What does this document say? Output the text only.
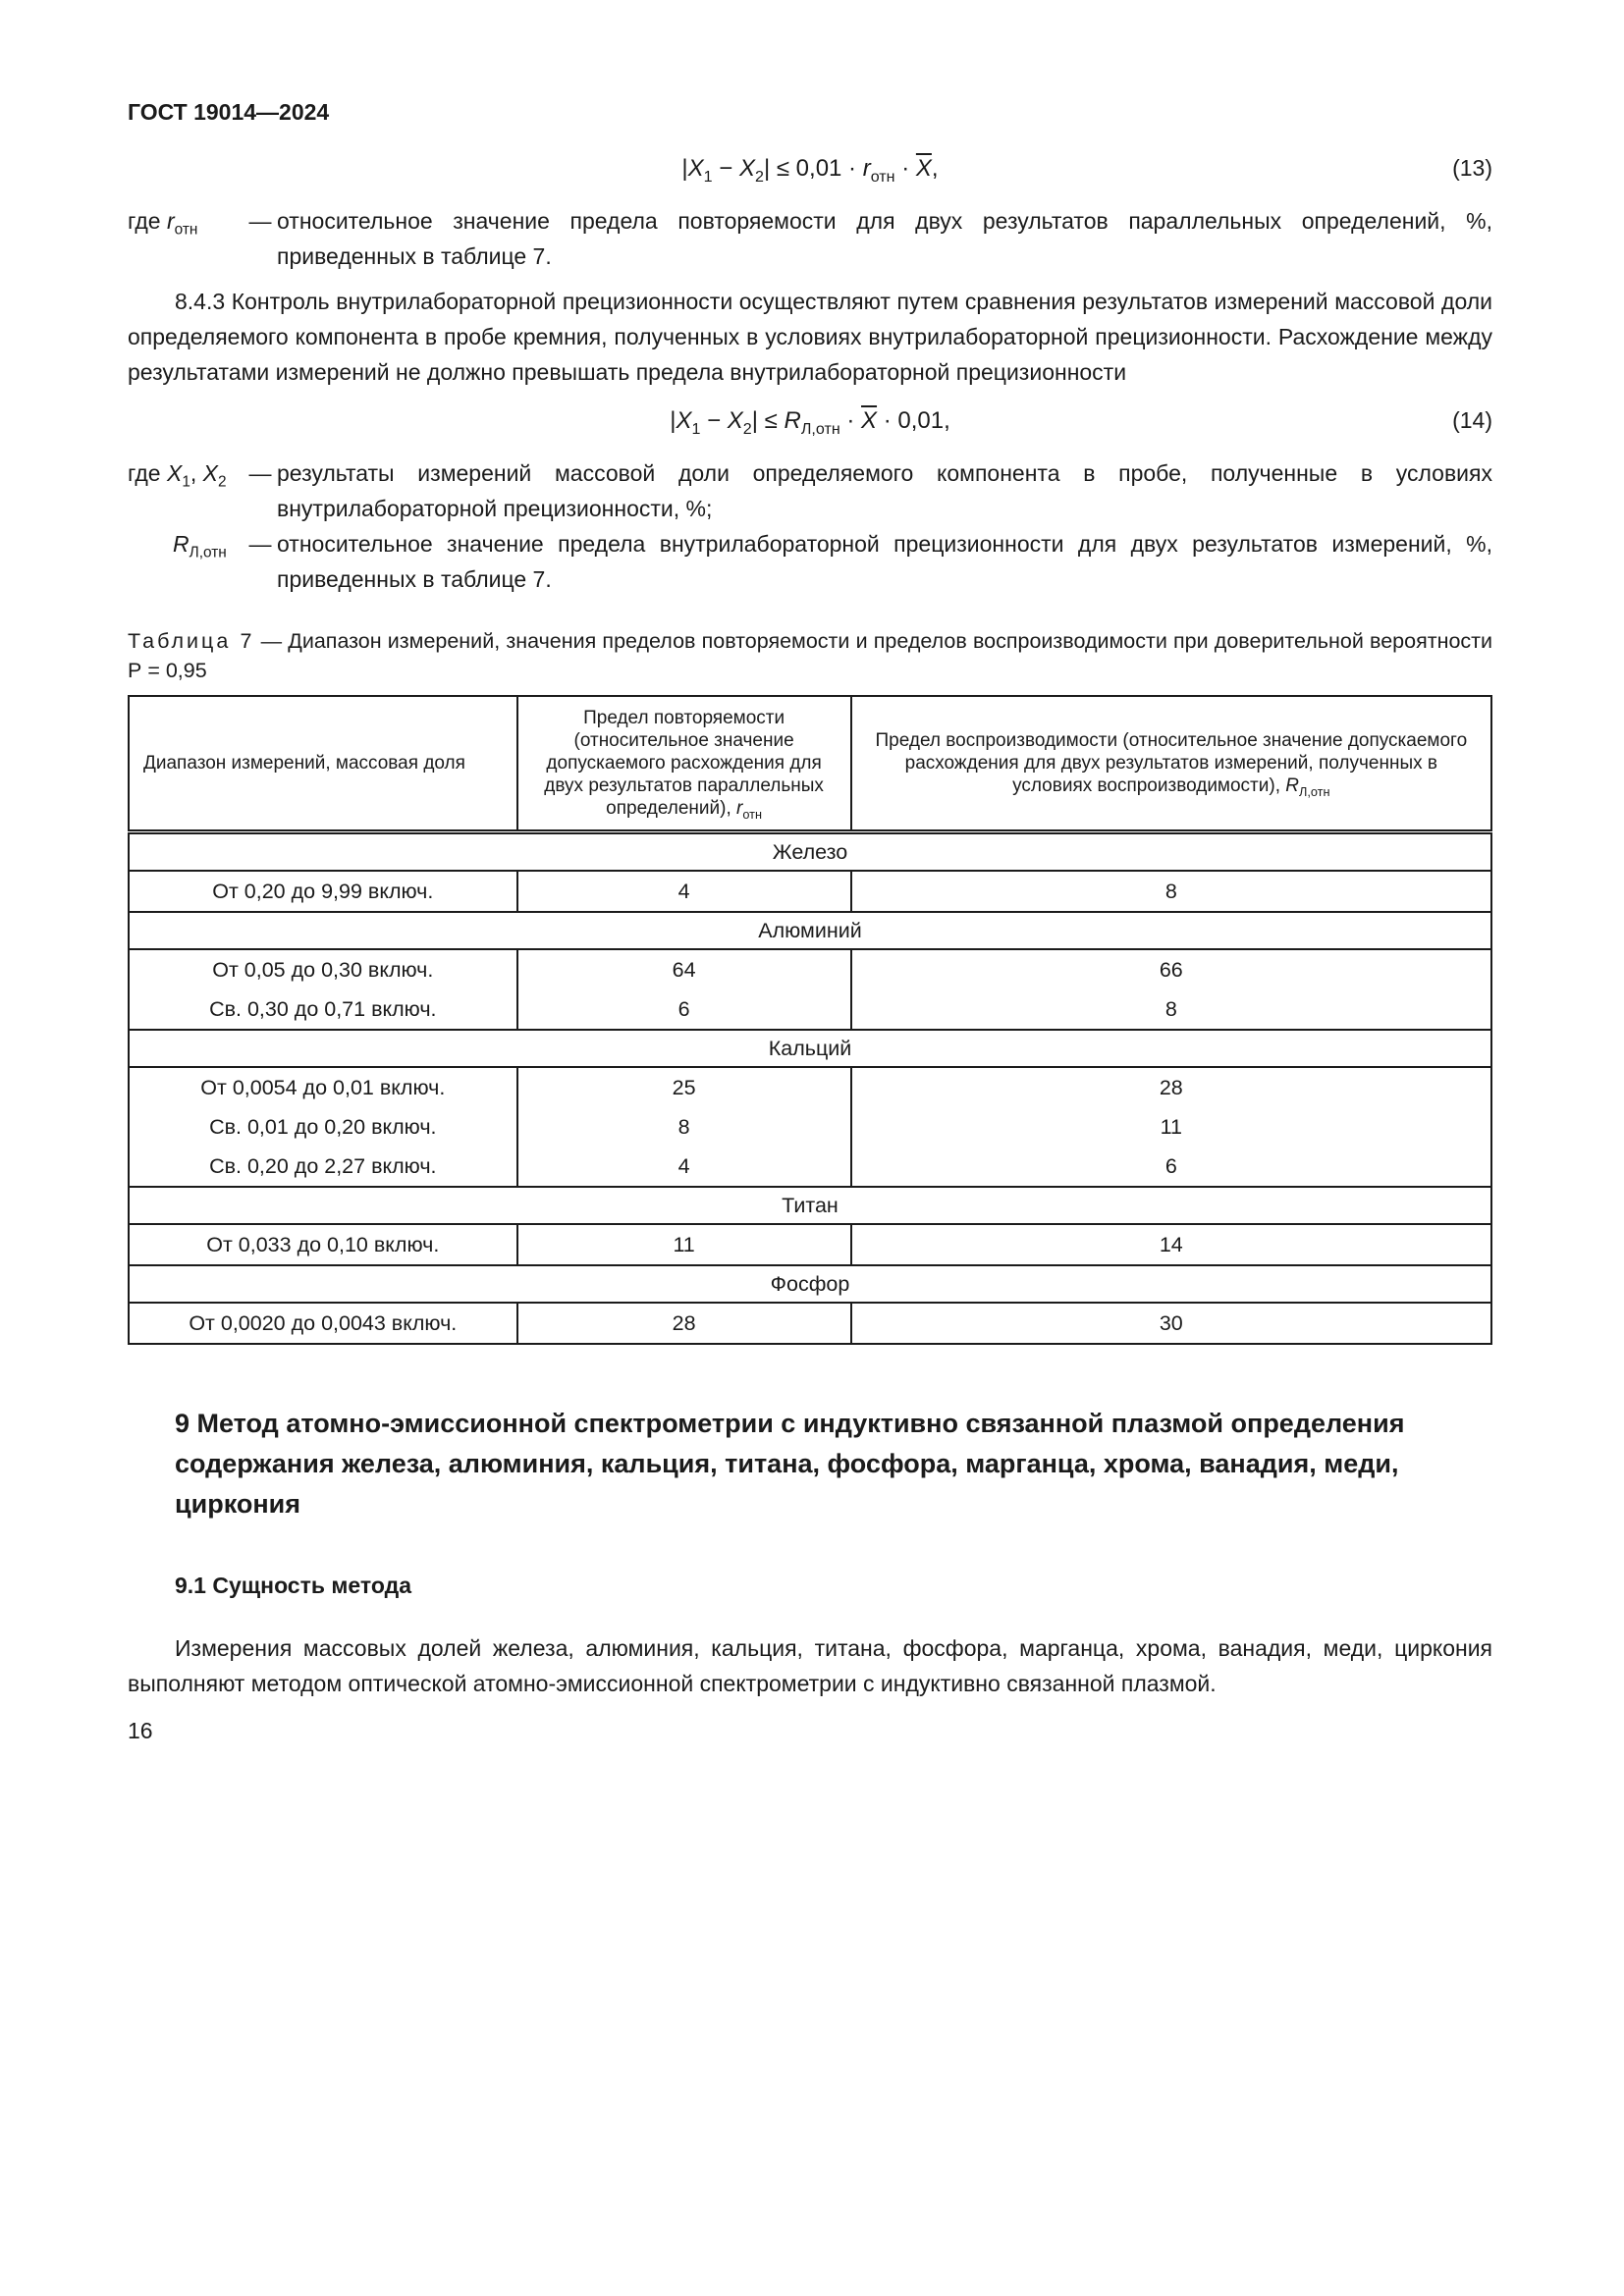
ГОСТ 19014—2024
$|X_1 - X_2| \le 0,01 \cdot r_{отн} \cdot \overline{X}$,	(13)
где $r_{отн}$	— относительное значение предела повторяемости для двух результатов параллельных определений, %, приведенных в таблице 7.
8.4.3 Контроль внутрилабораторной прецизионности осуществляют путем сравнения результатов измерений массовой доли определяемого компонента в пробе кремния, полученных в условиях внутрилабораторной прецизионности. Расхождение между результатами измерений не должно превышать предела внутрилабораторной прецизионности
$|X_1 - X_2| \le R_{Л,отн} \cdot \overline{X} \cdot 0,01$,	(14)
где $X_1$, $X_2$ — результаты измерений массовой доли определяемого компонента в пробе, полученные в условиях внутрилабораторной прецизионности, %;
$R_{Л,отн}$ — относительное значение предела внутрилабораторной прецизионности для двух результатов измерений, %, приведенных в таблице 7.
Таблица 7 — Диапазон измерений, значения пределов повторяемости и пределов воспроизводимости при доверительной вероятности Р = 0,95
Диапазон измерений, массовая доля	Предел повторяемости (относительное значение допускаемого расхождения для двух результатов параллельных определений), $r_{отн}$	Предел воспроизводимости (относительное значение допускаемого расхождения для двух результатов измерений, полученных в условиях воспроизводимости), $R_{Л,отн}$
Железо		
От 0,20 до 9,99 включ.	4	8
Алюминий		
От 0,05 до 0,30 включ.	64	66
Св. 0,30 до 0,71 включ.	6	8
Кальций		
От 0,0054 до 0,01 включ.	25	28
Св. 0,01 до 0,20 включ.	8	11
Св. 0,20 до 2,27 включ.	4	6
Титан		
От 0,033 до 0,10 включ.	11	14
Фосфор		
От 0,0020 до 0,0043 включ.	28	30
9 Метод атомно-эмиссионной спектрометрии с индуктивно связанной плазмой определения содержания железа, алюминия, кальция, титана, фосфора, марганца, хрома, ванадия, меди, циркония
9.1 Сущность метода
Измерения массовых долей железа, алюминия, кальция, титана, фосфора, марганца, хрома, ванадия, меди, циркония выполняют методом оптической атомно-эмиссионной спектрометрии с индуктивно связанной плазмой.
16
